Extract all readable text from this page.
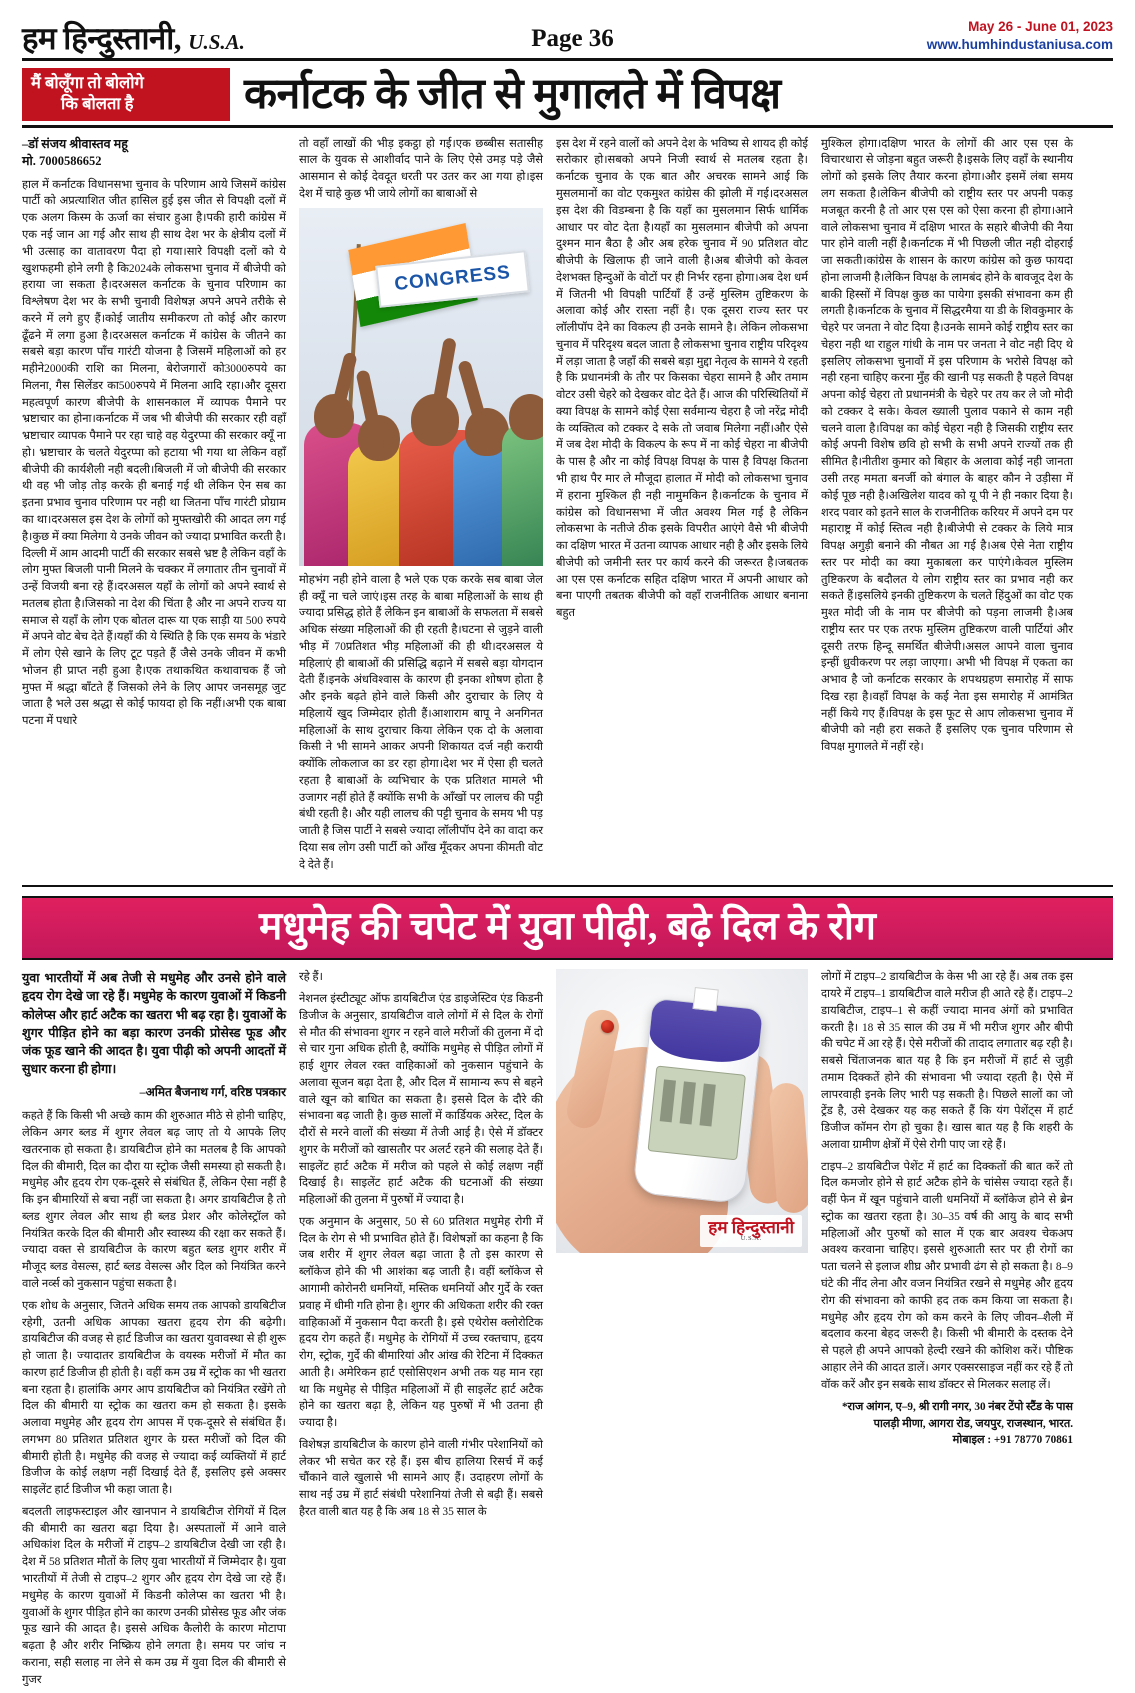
हम हिन्दुस्तानी, U.S.A.	Page 36	May 26 - June 01, 2023
www.humhindustaniusa.com
मैं बोलूँगा तो बोलोगे
कि बोलता है	कर्नाटक के जीत से मुगालते में विपक्ष
–डॉ संजय श्रीवास्तव महू
मो. 7000586652

हाल में कर्नाटक विधानसभा चुनाव के परिणाम आये जिसमें कांग्रेस पार्टी को अप्रत्याशित जीत हासिल हुई इस जीत से विपक्षी दलों में एक अलग किस्म के ऊर्जा का संचार हुआ है।पकी हारी कांग्रेस में एक नई जान आ गई और साथ ही साथ देश भर के क्षेत्रीय दलों में भी उत्साह का वातावरण पैदा हो गया।सारे विपक्षी दलों को ये खुशफहमी होने लगी है कि2024के लोकसभा चुनाव में बीजेपी को हराया जा सकता है।दरअसल कर्नाटक के चुनाव परिणाम का विश्लेषण देश भर के सभी चुनावी विशेषज्ञ अपने अपने तरीके से करने में लगे हुए हैं।कोई जातीय समीकरण तो कोई और कारण ढूँढने में लगा हुआ है।दरअसल कर्नाटक में कांग्रेस के जीतने का सबसे बड़ा कारण पाँच गारंटी योजना है जिसमें महिलाओं को हर महीने2000की राशि का मिलना, बेरोजगारों को3000रुपये का मिलना, गैस सिलेंडर का500रुपये में मिलना आदि रहा।और दूसरा महत्वपूर्ण कारण बीजेपी के शासनकाल में व्यापक पैमाने पर भ्रष्टाचार का होना।कर्नाटक में जब भी बीजेपी की सरकार रही वहाँ भ्रष्टाचार व्यापक पैमाने पर रहा चाहे वह येदुरप्पा की सरकार क्यूँ ना हो। भ्रष्टाचार के चलते येदुरप्पा को हटाया भी गया था लेकिन वहाँ बीजेपी की कार्यशैली नही बदली।बिजली में जो बीजेपी की सरकार थी वह भी जोड़ तोड़ करके ही बनाई गई थी लेकिन ऐन सब का इतना प्रभाव चुनाव परिणाम पर नही था जितना पाँच गारंटी प्रोग्राम का था।दरअसल इस देश के लोगों को मुफ्तखोरी की आदत लग गई है।कुछ में क्या मिलेगा ये उनके जीवन को ज्यादा प्रभावित करती है।दिल्ली में आम आदमी पार्टी की सरकार सबसे भ्रष्ट है लेकिन वहाँ के लोग मुफ्त बिजली पानी मिलने के चक्कर में लगातार तीन चुनावों में उन्हें विजयी बना रहे हैं।दरअसल यहाँ के लोगों को अपने स्वार्थ से मतलब होता है।जिसको ना देश की चिंता है और ना अपने राज्य या समाज से यहाँ के लोग एक बोतल दारू या एक साड़ी या 500 रुपये में अपने वोट बेच देते हैं।यहाँ की ये स्थिति है कि एक समय के भंडारे में लोग ऐसे खाने के लिए टूट पड़ते हैं जैसे उनके जीवन में कभी भोजन ही प्राप्त नही हुआ है।एक तथाकथित कथावाचक हैं जो मुफ्त में श्रद्धा बाँटते हैं जिसको लेने के लिए आपर जनसमूह जुट जाता है भले उस श्रद्धा से कोई फायदा हो कि नहीं।अभी एक बाबा पटना में पधारे

तो वहाँ लाखों की भीड़ इकट्ठा हो गई।एक छब्बीस सतासीह साल के युवक से आशीर्वाद पाने के लिए ऐसे उमड़ पड़े जैसे आसमान से कोई देवदूत धरती पर उतर कर आ गया हो।इस देश में चाहे कुछ भी जाये लोगों का बाबाओं से

CONGRESS

मोहभंग नही होने वाला है भले एक एक करके सब बाबा जेल ही क्यूँ ना चले जाएं।इस तरह के बाबा महिलाओं के साथ ही ज्यादा प्रसिद्ध होते हैं लेकिन इन बाबाओं के सफलता में सबसे अधिक संख्या महिलाओं की ही रहती है।घटना से जुड़ने वाली भीड़ में 70प्रतिशत भीड़ महिलाओं की ही थी।दरअसल ये महिलाएं ही बाबाओं की प्रसिद्धि बढ़ाने में सबसे बड़ा योगदान देती हैं।इनके अंधविश्वास के कारण ही इनका शोषण होता है और इनके बढ़ते होने वाले किसी और दुराचार के लिए ये महिलायें खुद जिम्मेदार होती हैं।आशाराम बापू ने अनगिनत महिलाओं के साथ दुराचार किया लेकिन एक दो के अलावा किसी ने भी सामने आकर अपनी शिकायत दर्ज नही करायी क्योंकि लोकलाज का डर रहा होगा।देश भर में ऐसा ही चलते रहता है बाबाओं के व्यभिचार के एक प्रतिशत मामले भी उजागर नहीं होते हैं क्योंकि सभी के आँखों पर लालच की पट्टी बंधी रहती है। और यही लालच की पट्टी चुनाव के समय भी पड़ जाती है जिस पार्टी ने सबसे ज्यादा लॉलीपॉप देने का वादा कर दिया सब लोग उसी पार्टी को आँख मूँदकर अपना कीमती वोट दे देते हैं।

इस देश में रहने वालों को अपने देश के भविष्य से शायद ही कोई सरोकार हो।सबको अपने निजी स्वार्थ से मतलब रहता है। कर्नाटक चुनाव के एक बात और अचरक सामने आई कि मुसलमानों का वोट एकमुश्त कांग्रेस की झोली में गई।दरअसल इस देश की विडम्बना है कि यहाँ का मुसलमान सिर्फ धार्मिक आधार पर वोट देता है।यहाँ का मुसलमान बीजेपी को अपना दुश्मन मान बैठा है और अब हरेक चुनाव में 90 प्रतिशत वोट बीजेपी के खिलाफ ही जाने वाली है।अब बीजेपी को केवल देशभक्त हिन्दुओं के वोटों पर ही निर्भर रहना होगा।अब देश धर्म में जितनी भी विपक्षी पार्टियाँ हैं उन्हें मुस्लिम तुष्टिकरण के अलावा कोई और रास्ता नहीं है। एक दूसरा राज्य स्तर पर लॉलीपॉप देने का विकल्प ही उनके सामने है। लेकिन लोकसभा चुनाव में परिदृश्य बदल जाता है लोकसभा चुनाव राष्ट्रीय परिदृश्य में लड़ा जाता है जहाँ की सबसे बड़ा मुद्दा नेतृत्व के सामने ये रहती है कि प्रधानमंत्री के तौर पर किसका चेहरा सामने है और तमाम वोटर उसी चेहरे को देखकर वोट देते हैं। आज की परिस्थितियों में क्या विपक्ष के सामने कोई ऐसा सर्वमान्य चेहरा है जो नरेंद्र मोदी के व्यक्तित्व को टक्कर दे सके तो जवाब मिलेगा नहीं।और ऐसे में जब देश मोदी के विकल्प के रूप में ना कोई चेहरा ना बीजेपी के पास है और ना कोई विपक्ष विपक्ष के पास है विपक्ष कितना भी हाथ पैर मार ले मौजूदा हालात में मोदी को लोकसभा चुनाव में हराना मुश्किल ही नही नामुमकिन है।कर्नाटक के चुनाव में कांग्रेस को विधानसभा में जीत अवश्य मिल गई है लेकिन लोकसभा के नतीजे ठीक इसके विपरीत आएंगे वैसे भी बीजेपी का दक्षिण भारत में उतना व्यापक आधार नही है और इसके लिये बीजेपी को जमीनी स्तर पर कार्य करने की जरूरत है।जबतक आ एस एस कर्नाटक सहित दक्षिण भारत में अपनी आधार को बना पाएगी तबतक बीजेपी को वहाँ राजनीतिक आधार बनाना बहुत

मुश्किल होगा।दक्षिण भारत के लोगों की आर एस एस के विचारधारा से जोड़ना बहुत जरूरी है।इसके लिए वहाँ के स्थानीय लोगों को इसके लिए तैयार करना होगा।और इसमें लंबा समय लग सकता है।लेकिन बीजेपी को राष्ट्रीय स्तर पर अपनी पकड़ मजबूत करनी है तो आर एस एस को ऐसा करना ही होगा।आने वाले लोकसभा चुनाव में दक्षिण भारत के सहारे बीजेपी की नैया पार होने वाली नहीं है।कर्नाटक में भी पिछली जीत नही दोहराई जा सकती।कांग्रेस के शासन के कारण कांग्रेस को कुछ फायदा होना लाजमी है।लेकिन विपक्ष के लामबंद होने के बावजूद देश के बाकी हिस्सों में विपक्ष कुछ का पायेगा इसकी संभावना कम ही लगती है।कर्नाटक के चुनाव में सिद्धरमैया या डी के शिवकुमार के चेहरे पर जनता ने वोट दिया है।उनके सामने कोई राष्ट्रीय स्तर का चेहरा नही था राहुल गांधी के नाम पर जनता ने वोट नही दिए थे इसलिए लोकसभा चुनावों में इस परिणाम के भरोसे विपक्ष को नही रहना चाहिए करना मुँह की खानी पड़ सकती है पहले विपक्ष अपना कोई चेहरा तो प्रधानमंत्री के चेहरे पर तय कर ले जो मोदी को टक्कर दे सके। केवल ख्याली पुलाव पकाने से काम नही चलने वाला है।विपक्ष का कोई चेहरा नही है जिसकी राष्ट्रीय स्तर कोई अपनी विशेष छवि हो सभी के सभी अपने राज्यों तक ही सीमित है।नीतीश कुमार को बिहार के अलावा कोई नही जानता उसी तरह ममता बनर्जी को बंगाल के बाहर कौन ने उड़ीसा में कोई पूछ नही है।अखिलेश यादव को यू पी ने ही नकार दिया है।शरद पवार को इतने साल के राजनीतिक करियर में अपने दम पर महाराष्ट्र में कोई स्तित्व नही है।बीजेपी से टक्कर के लिये मात्र विपक्ष अगुड़ी बनाने की नौबत आ गई है।अब ऐसे नेता राष्ट्रीय स्तर पर मोदी का क्या मुकाबला कर पाएंगे।केवल मुस्लिम तुष्टिकरण के बदौलत ये लोग राष्ट्रीय स्तर का प्रभाव नही कर सकते हैं।इसलिये इनकी तुष्टिकरण के चलते हिंदुओं का वोट एक मुश्त मोदी जी के नाम पर बीजेपी को पड़ना लाजमी है।अब राष्ट्रीय स्तर पर एक तरफ मुस्लिम तुष्टिकरण वाली पार्टियां और दूसरी तरफ हिन्दू समर्थित बीजेपी।असल आपने वाला चुनाव इन्हीं ध्रुवीकरण पर लड़ा जाएगा। अभी भी विपक्ष में एकता का अभाव है जो कर्नाटक सरकार के शपथग्रहण समारोह में साफ दिख रहा है।वहाँ विपक्ष के कई नेता इस समारोह में आमंत्रित नहीं किये गए हैं।विपक्ष के इस फूट से आप लोकसभा चुनाव में बीजेपी को नही हरा सकते हैं इसलिए एक चुनाव परिणाम से विपक्ष मुगालते में नहीं रहे।

मधुमेह की चपेट में युवा पीढ़ी, बढ़े दिल के रोग

युवा भारतीयों में अब तेजी से मधुमेह और उनसे होने वाले हृदय रोग देखे जा रहे हैं। मधुमेह के कारण युवाओं में किडनी कोलेप्स और हार्ट अटैक का खतरा भी बढ़ रहा है। युवाओं के शुगर पीड़ित होने का बड़ा कारण उनकी प्रोसेस्ड फूड और जंक फूड खाने की आदत है। युवा पीढ़ी को अपनी आदतों में सुधार करना ही होगा।

–अमित बैजनाथ गर्ग, वरिष्ठ पत्रकार

कहते हैं कि किसी भी अच्छे काम की शुरुआत मीठे से होनी चाहिए, लेकिन अगर ब्लड में शुगर लेवल बढ़ जाए तो ये आपके लिए खतरनाक हो सकता है। डायबिटीज होने का मतलब है कि आपको दिल की बीमारी, दिल का दौरा या स्ट्रोक जैसी समस्या हो सकती है। मधुमेह और हृदय रोग एक-दूसरे से संबंधित हैं, लेकिन ऐसा नहीं है कि इन बीमारियों से बचा नहीं जा सकता है। अगर डायबिटीज है तो ब्लड शुगर लेवल और साथ ही ब्लड प्रेशर और कोलेस्ट्रॉल को नियंत्रित करके दिल की बीमारी और स्वास्थ्य की रक्षा कर सकते हैं। ज्यादा वक्त से डायबिटीज के कारण बहुत ब्लड शुगर शरीर में मौजूद ब्लड वेसल्स, हार्ट ब्लड वेसल्स और दिल को नियंत्रित करने वाले नर्व्स को नुकसान पहुंचा सकता है।

एक शोध के अनुसार, जितने अधिक समय तक आपको डायबिटीज रहेगी, उतनी अधिक आपका खतरा हृदय रोग की बढ़ेगी। डायबिटीज की वजह से हार्ट डिजीज का खतरा युवावस्था से ही शुरू हो जाता है। ज्यादातर डायबिटीज के वयस्क मरीजों में मौत का कारण हार्ट डिजीज ही होती है। वहीं कम उम्र में स्ट्रोक का भी खतरा बना रहता है। हालांकि अगर आप डायबिटीज को नियंत्रित रखेंगे तो दिल की बीमारी या स्ट्रोक का खतरा कम हो सकता है। इसके अलावा मधुमेह और हृदय रोग आपस में एक-दूसरे से संबंधित हैं। लगभग 80 प्रतिशत प्रतिशत शुगर के ग्रस्त मरीजों को दिल की बीमारी होती है। मधुमेह की वजह से ज्यादा कई व्यक्तियों में हार्ट डिजीज के कोई लक्षण नहीं दिखाई देते हैं, इसलिए इसे अक्सर साइलेंट हार्ट डिजीज भी कहा जाता है।

बदलती लाइफस्टाइल और खानपान ने डायबिटीज रोगियों में दिल की बीमारी का खतरा बढ़ा दिया है। अस्पतालों में आने वाले अधिकांश दिल के मरीजों में टाइप–2 डायबिटीज देखी जा रही है। देश में 58 प्रतिशत मौतों के लिए युवा भारतीयों में जिम्मेदार है। युवा भारतीयों में तेजी से टाइप–2 शुगर और हृदय रोग देखे जा रहे हैं। मधुमेह के कारण युवाओं में किडनी कोलेप्स का खतरा भी है। युवाओं के शुगर पीड़ित होने का कारण उनकी प्रोसेस्ड फूड और जंक फूड खाने की आदत है। इससे अधिक कैलोरी के कारण मोटापा बढ़ता है और शरीर निष्क्रिय होने लगता है। समय पर जांच न कराना, सही सलाह ना लेने से कम उम्र में युवा दिल की बीमारी से गुजर

रहे हैं।

नेशनल इंस्टीट्यूट ऑफ डायबिटीज एंड डाइजेस्टिव एंड किडनी डिजीज के अनुसार, डायबिटीज वाले लोगों में से दिल के रोगों से मौत की संभावना शुगर न रहने वाले मरीजों की तुलना में दो से चार गुना अधिक होती है, क्योंकि मधुमेह से पीड़ित लोगों में हाई शुगर लेवल रक्त वाहिकाओं को नुकसान पहुंचाने के अलावा सूजन बढ़ा देता है, और दिल में सामान्य रूप से बहने वाले खून को बाधित का सकता है। इससे दिल के दौरे की संभावना बढ़ जाती है। कुछ सालों में कार्डियक अरेस्ट, दिल के दौरों से मरने वालों की संख्या में तेजी आई है। ऐसे में डॉक्टर शुगर के मरीजों को खासतौर पर अलर्ट रहने की सलाह देते हैं। साइलेंट हार्ट अटैक में मरीज को पहले से कोई लक्षण नहीं दिखाई है। साइलेंट हार्ट अटैक की घटनाओं की संख्या महिलाओं की तुलना में पुरुषों में ज्यादा है।

एक अनुमान के अनुसार, 50 से 60 प्रतिशत मधुमेह रोगी में दिल के रोग से भी प्रभावित होते हैं। विशेषज्ञों का कहना है कि जब शरीर में शुगर लेवल बढ़ा जाता है तो इस कारण से ब्लॉकेज होने की भी आशंका बढ़ जाती है। वहीं ब्लॉकेज से आगामी कोरोनरी धमनियों, मस्तिक धमनियों और गुर्दे के रक्त प्रवाह में धीमी गति होना है। शुगर की अधिकता शरीर की रक्त वाहिकाओं में नुकसान पैदा करती है। इसे एथेरोस क्लोरोटिक हृदय रोग कहते हैं। मधुमेह के रोगियों में उच्च रक्तचाप, हृदय रोग, स्ट्रोक, गुर्दे की बीमारियां और आंख की रेटिना में दिक्कत आती है। अमेरिकन हार्ट एसोसिएशन अभी तक यह मान रहा था कि मधुमेह से पीड़ित महिलाओं में ही साइलेंट हार्ट अटैक होने का खतरा बढ़ा है, लेकिन यह पुरुषों में भी उतना ही ज्यादा है।

विशेषज्ञ डायबिटीज के कारण होने वाली गंभीर परेशानियों को लेकर भी सचेत कर रहे हैं। इस बीच हालिया रिसर्च में कई चौंकाने वाले खुलासे भी सामने आए हैं। उदाहरण लोगों के साथ नई उम्र में हार्ट संबंधी परेशानियां तेजी से बढ़ी हैं। सबसे हैरत वाली बात यह है कि अब 18 से 35 साल के

हम हिन्दुस्तानी
U.S.A.

लोगों में टाइप–2 डायबिटीज के केस भी आ रहे हैं। अब तक इस दायरे में टाइप–1 डायबिटीज वाले मरीज ही आते रहे हैं। टाइप–2 डायबिटीज, टाइप–1 से कहीं ज्यादा मानव अंगों को प्रभावित करती है। 18 से 35 साल की उम्र में भी मरीज शुगर और बीपी की चपेट में आ रहे हैं। ऐसे मरीजों की तादाद लगातार बढ़ रही है। सबसे चिंताजनक बात यह है कि इन मरीजों में हार्ट से जुड़ी तमाम दिक्कतें होने की संभावना भी ज्यादा रहती है। ऐसे में लापरवाही इनके लिए भारी पड़ सकती है। पिछले सालों का जो ट्रेंड है, उसे देखकर यह कह सकते हैं कि यंग पेशेंट्स में हार्ट डिजीज कॉमन रोग हो चुका है। खास बात यह है कि शहरी के अलावा ग्रामीण क्षेत्रों में ऐसे रोगी पाए जा रहे हैं।

टाइप–2 डायबिटीज पेशेंट में हार्ट का दिक्कतों की बात करें तो दिल कमजोर होने से हार्ट अटैक होने के चांसेस ज्यादा रहते हैं। वहीं फेन में खून पहुंचाने वाली धमनियों में ब्लॉकेज होने से ब्रेन स्ट्रोक का खतरा रहता है। 30–35 वर्ष की आयु के बाद सभी महिलाओं और पुरुषों को साल में एक बार अवश्य चेकअप अवश्य करवाना चाहिए। इससे शुरुआती स्तर पर ही रोगों का पता चलने से इलाज शीघ्र और प्रभावी ढंग से हो सकता है। 8–9 घंटे की नींद लेना और वजन नियंत्रित रखने से मधुमेह और हृदय रोग की संभावना को काफी हद तक कम किया जा सकता है। मधुमेह और हृदय रोग को कम करने के लिए जीवन–शैली में बदलाव करना बेहद जरूरी है। किसी भी बीमारी के दस्तक देने से पहले ही अपने आपको हेल्दी रखने की कोशिश करें। पौष्टिक आहार लेने की आदत डालें। अगर एक्सरसाइज नहीं कर रहे हैं तो वॉक करें और इन सबके साथ डॉक्टर से मिलकर सलाह लें।

*राज आंगन, ए–9, श्री रागी नगर, 30 नंबर टेंपो स्टैंड के पास पालड़ी मीणा, आगरा रोड, जयपुर, राजस्थान, भारत.
मोबाइल : +91 78770 70861
